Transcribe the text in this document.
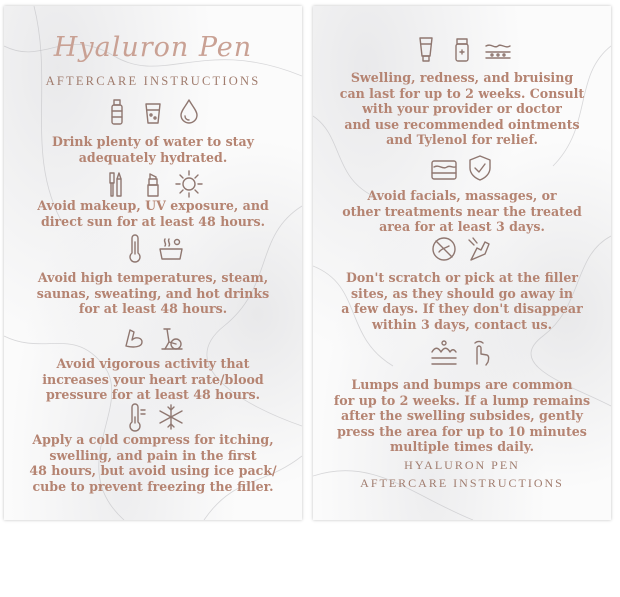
Hyaluron Pen
AFTERCARE INSTRUCTIONS
Drink plenty of water to stay
adequately hydrated.
Avoid makeup, UV exposure, and
direct sun for at least 48 hours.
Avoid high temperatures, steam,
saunas, sweating, and hot drinks
for at least 48 hours.
Avoid vigorous activity that
increases your heart rate/blood
pressure for at least 48 hours.
Apply a cold compress for itching,
swelling, and pain in the first
48 hours, but avoid using ice pack/
cube to prevent freezing the filler.
Swelling, redness, and bruising
can last for up to 2 weeks. Consult
with your provider or doctor
and use recommended ointments
and Tylenol for relief.
Avoid facials, massages, or
other treatments near the treated
area for at least 3 days.
Don't scratch or pick at the filler
sites, as they should go away in
a few days. If they don't disappear
within 3 days, contact us.
Lumps and bumps are common
for up to 2 weeks. If a lump remains
after the swelling subsides, gently
press the area for up to 10 minutes
multiple times daily.
HYALURON PEN
AFTERCARE INSTRUCTIONS
